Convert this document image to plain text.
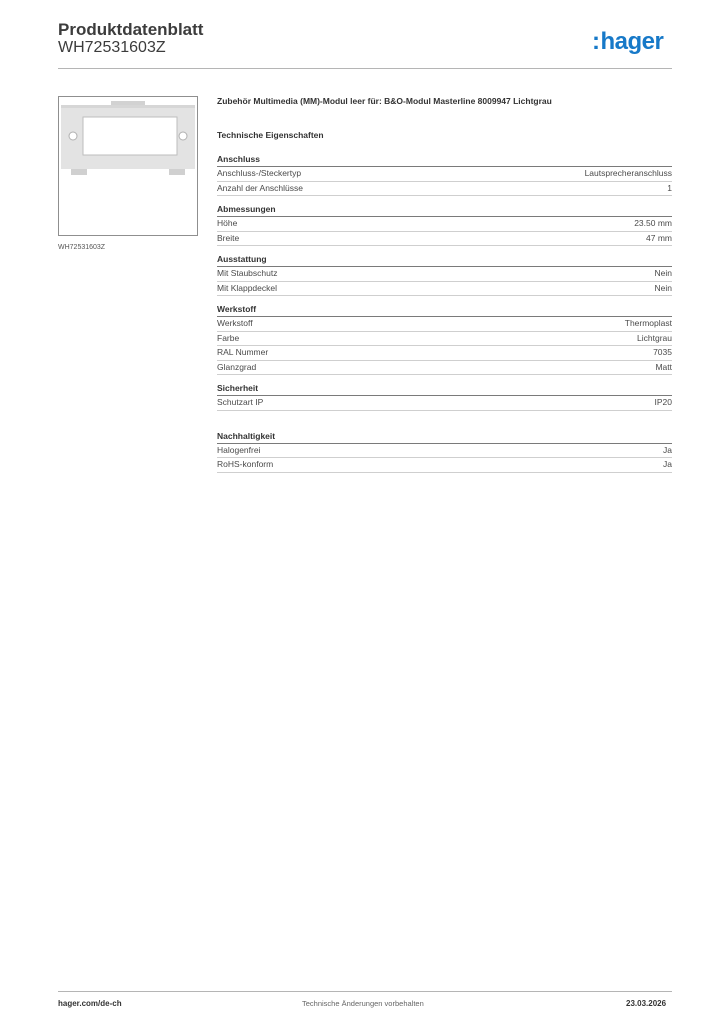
Produktdatenblatt
WH72531603Z	:hager
WH72531603Z
Zubehör Multimedia (MM)-Modul leer für: B&O-Modul Masterline 8009947 Lichtgrau
Technische Eigenschaften
Anschluss
Anschluss-/Steckertyp	Lautsprecheranschluss
Anzahl der Anschlüsse	1
Abmessungen
Höhe	23.50 mm
Breite	47 mm
Ausstattung
Mit Staubschutz	Nein
Mit Klappdeckel	Nein
Werkstoff
Werkstoff	Thermoplast
Farbe	Lichtgrau
RAL Nummer	7035
Glanzgrad	Matt
Sicherheit
Schutzart IP	IP20
Nachhaltigkeit
Halogenfrei	Ja
RoHS-konform	Ja
hager.com/de-ch	Technische Änderungen vorbehalten	23.03.2026
